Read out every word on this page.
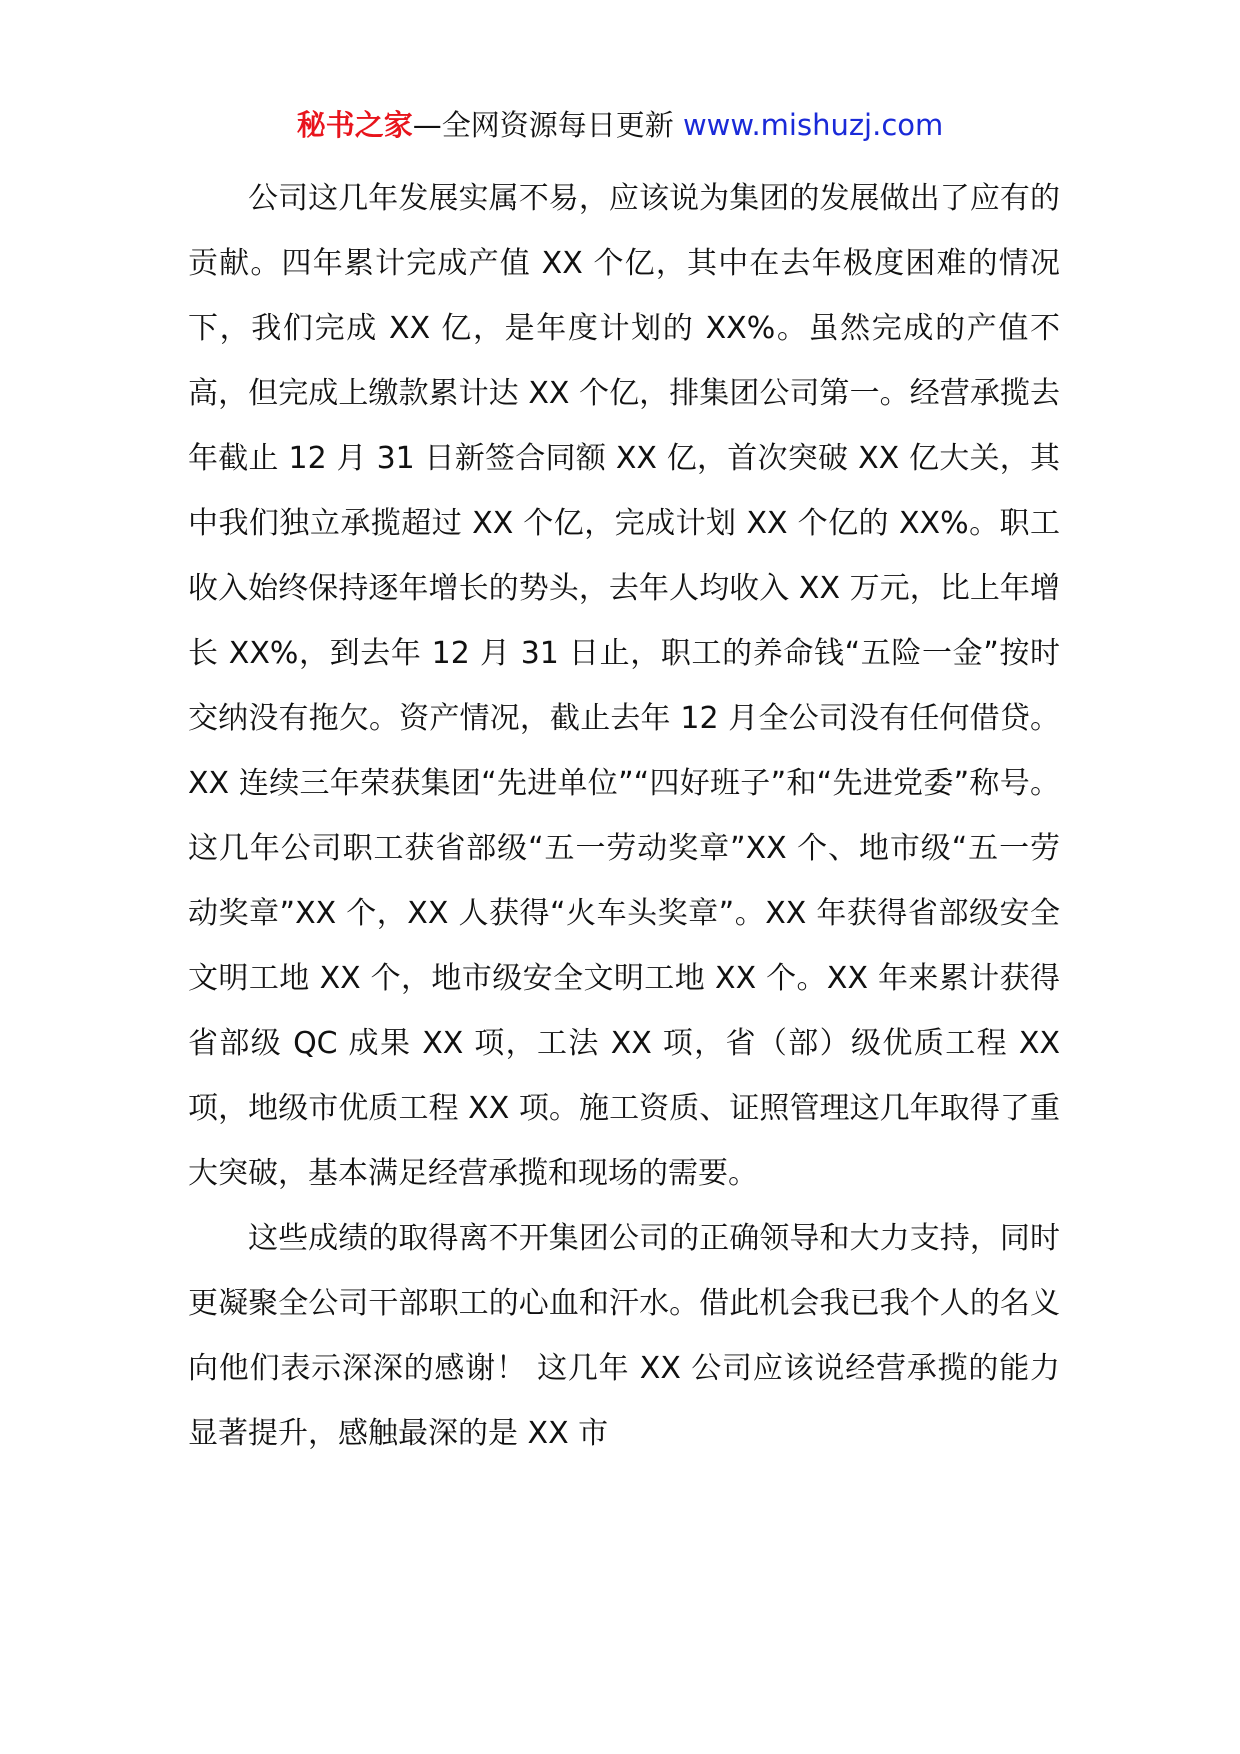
秘书之家—全网资源每日更新 www.mishuzj.com

公司这几年发展实属不易，应该说为集团的发展做出了应有的贡献。四年累计完成产值 XX 个亿，其中在去年极度困难的情况下，我们完成 XX 亿，是年度计划的 XX%。虽然完成的产值不高，但完成上缴款累计达 XX 个亿，排集团公司第一。经营承揽去年截止 12 月 31 日新签合同额 XX 亿，首次突破 XX 亿大关，其中我们独立承揽超过 XX 个亿，完成计划 XX 个亿的 XX%。职工收入始终保持逐年增长的势头，去年人均收入 XX 万元，比上年增长 XX%，到去年 12 月 31 日止，职工的养命钱“五险一金”按时交纳没有拖欠。资产情况，截止去年 12 月全公司没有任何借贷。XX 连续三年荣获集团“先进单位”“四好班子”和“先进党委”称号。这几年公司职工获省部级“五一劳动奖章”XX 个、地市级“五一劳动奖章”XX 个，XX 人获得“火车头奖章”。XX 年获得省部级安全文明工地 XX 个，地市级安全文明工地 XX 个。XX 年来累计获得省部级 QC 成果 XX 项，工法 XX 项，省（部）级优质工程 XX 项，地级市优质工程 XX 项。施工资质、证照管理这几年取得了重大突破，基本满足经营承揽和现场的需要。

这些成绩的取得离不开集团公司的正确领导和大力支持，同时更凝聚全公司干部职工的心血和汗水。借此机会我已我个人的名义向他们表示深深的感谢！ 这几年 XX 公司应该说经营承揽的能力显著提升，感触最深的是 XX 市
